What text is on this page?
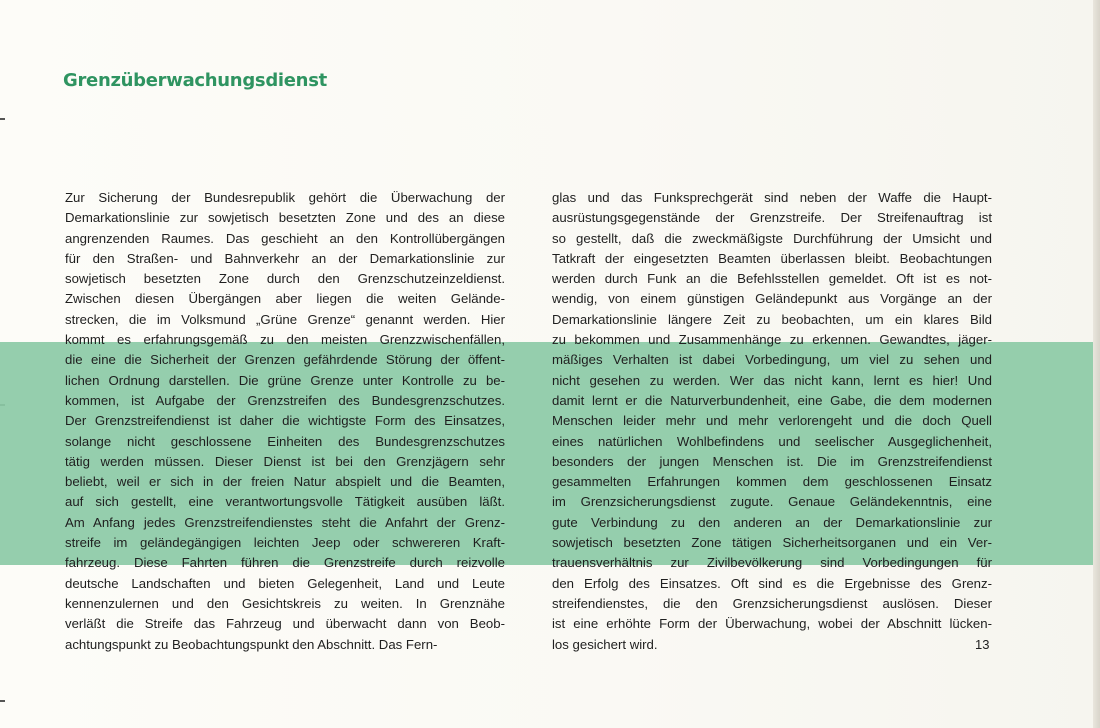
Grenzüberwachungsdienst
Zur Sicherung der Bundesrepublik gehört die Überwachung der
Demarkationslinie zur sowjetisch besetzten Zone und des an diese
angrenzenden Raumes. Das geschieht an den Kontrollübergängen
für den Straßen- und Bahnverkehr an der Demarkationslinie zur
sowjetisch besetzten Zone durch den Grenzschutzeinzeldienst.
Zwischen diesen Übergängen aber liegen die weiten Gelände-
strecken, die im Volksmund „Grüne Grenze“ genannt werden. Hier
kommt es erfahrungsgemäß zu den meisten Grenzzwischenfällen,
die eine die Sicherheit der Grenzen gefährdende Störung der öffent-
lichen Ordnung darstellen. Die grüne Grenze unter Kontrolle zu be-
kommen, ist Aufgabe der Grenzstreifen des Bundesgrenzschutzes.
Der Grenzstreifendienst ist daher die wichtigste Form des Einsatzes,
solange nicht geschlossene Einheiten des Bundesgrenzschutzes
tätig werden müssen. Dieser Dienst ist bei den Grenzjägern sehr
beliebt, weil er sich in der freien Natur abspielt und die Beamten,
auf sich gestellt, eine verantwortungsvolle Tätigkeit ausüben läßt.
Am Anfang jedes Grenzstreifendienstes steht die Anfahrt der Grenz-
streife im geländegängigen leichten Jeep oder schwereren Kraft-
fahrzeug. Diese Fahrten führen die Grenzstreife durch reizvolle
deutsche Landschaften und bieten Gelegenheit, Land und Leute
kennenzulernen und den Gesichtskreis zu weiten. In Grenznähe
verläßt die Streife das Fahrzeug und überwacht dann von Beob-
achtungspunkt zu Beobachtungspunkt den Abschnitt. Das Fern-
glas und das Funksprechgerät sind neben der Waffe die Haupt-
ausrüstungsgegenstände der Grenzstreife. Der Streifenauftrag ist
so gestellt, daß die zweckmäßigste Durchführung der Umsicht und
Tatkraft der eingesetzten Beamten überlassen bleibt. Beobachtungen
werden durch Funk an die Befehlsstellen gemeldet. Oft ist es not-
wendig, von einem günstigen Geländepunkt aus Vorgänge an der
Demarkationslinie längere Zeit zu beobachten, um ein klares Bild
zu bekommen und Zusammenhänge zu erkennen. Gewandtes, jäger-
mäßiges Verhalten ist dabei Vorbedingung, um viel zu sehen und
nicht gesehen zu werden. Wer das nicht kann, lernt es hier! Und
damit lernt er die Naturverbundenheit, eine Gabe, die dem modernen
Menschen leider mehr und mehr verlorengeht und die doch Quell
eines natürlichen Wohlbefindens und seelischer Ausgeglichenheit,
besonders der jungen Menschen ist. Die im Grenzstreifendienst
gesammelten Erfahrungen kommen dem geschlossenen Einsatz
im Grenzsicherungsdienst zugute. Genaue Geländekenntnis, eine
gute Verbindung zu den anderen an der Demarkationslinie zur
sowjetisch besetzten Zone tätigen Sicherheitsorganen und ein Ver-
trauensverhältnis zur Zivilbevölkerung sind Vorbedingungen für
den Erfolg des Einsatzes. Oft sind es die Ergebnisse des Grenz-
streifendienstes, die den Grenzsicherungsdienst auslösen. Dieser
ist eine erhöhte Form der Überwachung, wobei der Abschnitt lücken-
los gesichert wird.	13
